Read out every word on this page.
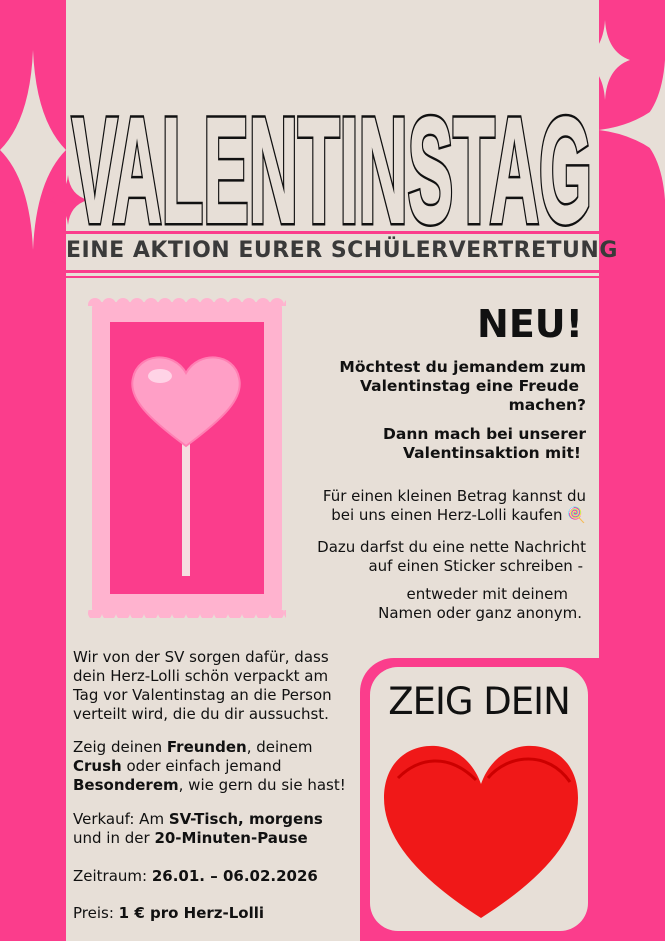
VALENTINSTAG
VALENTINSTAG
EINE AKTION EURER SCHÜLERVERTRETUNG
NEU!
Möchtest du jemandem zum
Valentinstag eine Freude
machen?
Dann mach bei unserer
Valentinsaktion mit!
Für einen kleinen Betrag kannst du
bei uns einen Herz-Lolli kaufen 🍭
Dazu darfst du eine nette Nachricht
auf einen Sticker schreiben -
entweder mit deinem
Namen oder ganz anonym.
Wir von der SV sorgen dafür, dass
dein Herz-Lolli schön verpackt am
Tag vor Valentinstag an die Person
verteilt wird, die du dir aussuchst.
Zeig deinen Freunden, deinem
Crush oder einfach jemand
Besonderem, wie gern du sie hast!
Verkauf: Am SV-Tisch, morgens
und in der 20-Minuten-Pause
Zeitraum: 26.01. – 06.02.2026
Preis: 1 € pro Herz-Lolli
ZEIG DEIN
